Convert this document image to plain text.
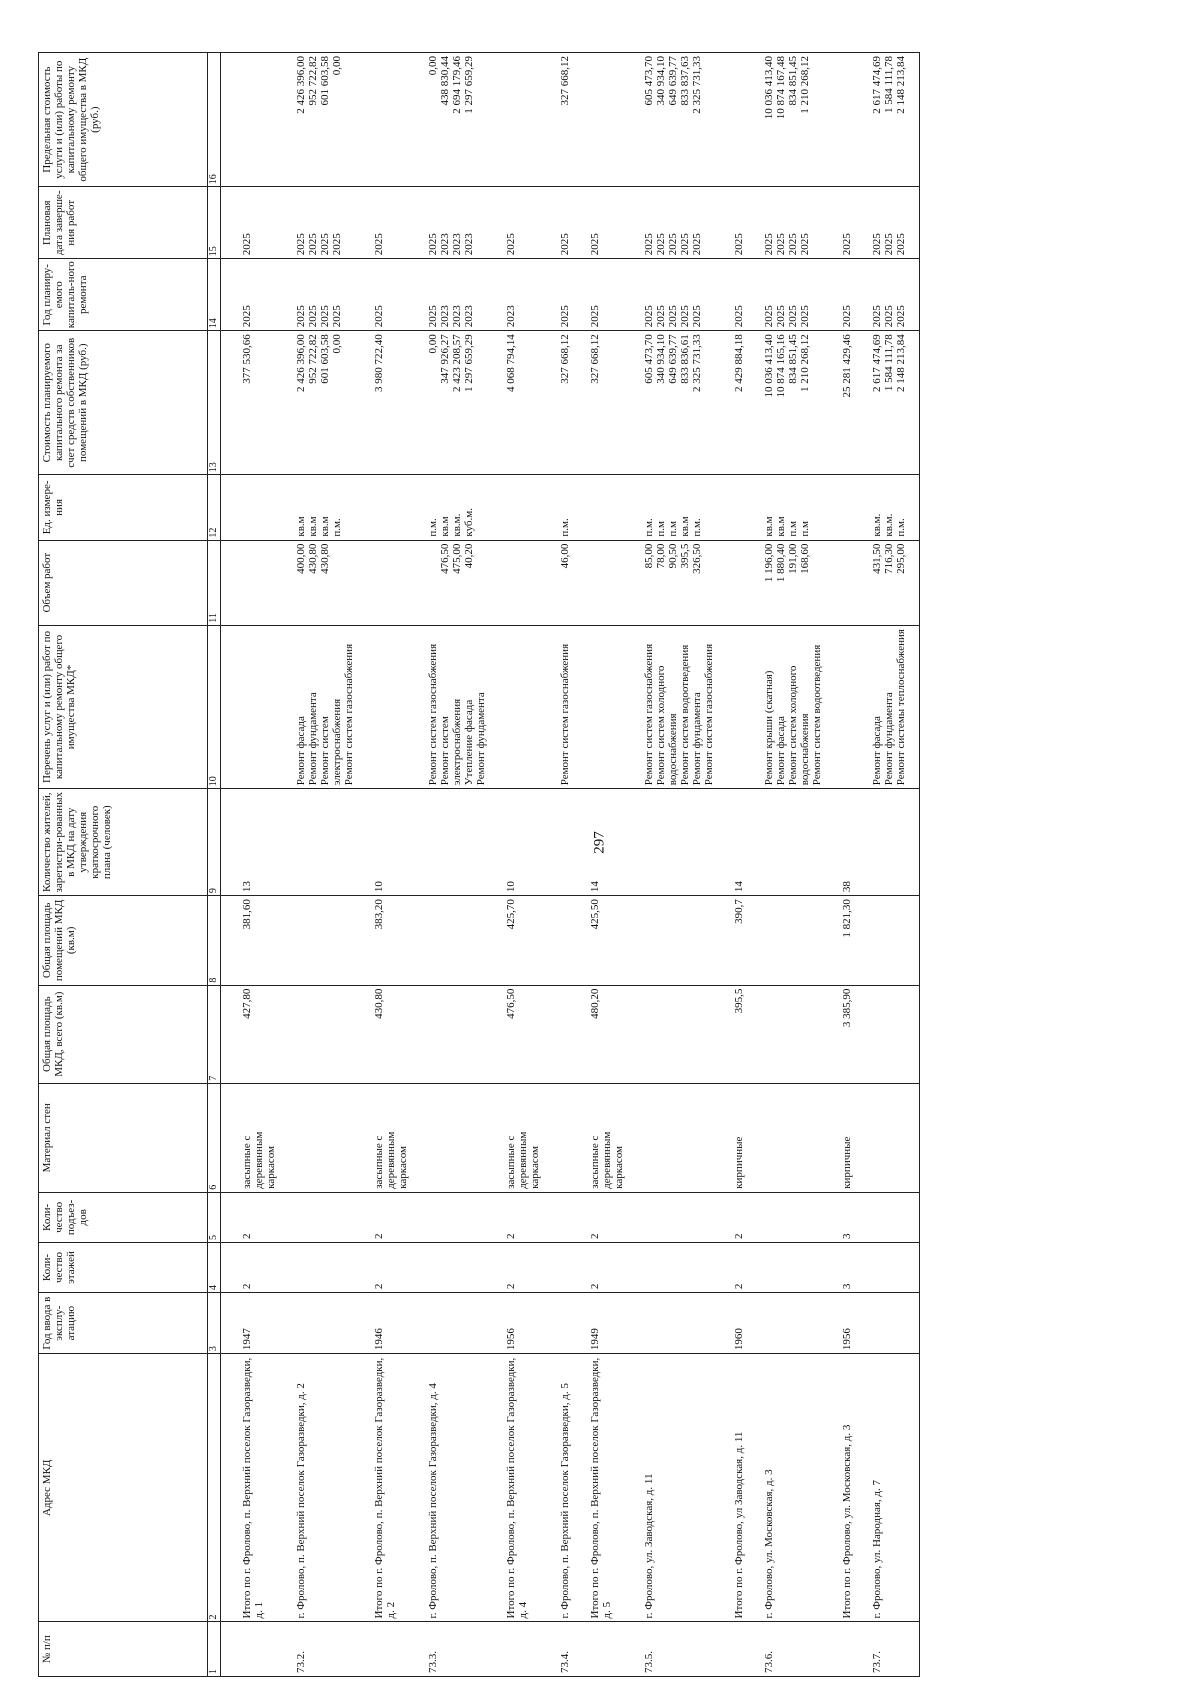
297
№ п/п	Адрес МКД	Год ввода в эксплу-атацию	Коли-чество этажей	Коли-чество подъез-дов	Материал стен	Общая площадь МКД, всего (кв.м)	Общая площадь помещений МКД (кв.м)	Количество жителей, зарегистри-рованных в МКД на дату утверждения краткосрочного плана (человек)	Перечень услуг и (или) работ по капитальному ремонту общего имущества МКД*	Объем работ	Ед. измере-ния	Стоимость планируемого капитального ремонта за счет средств собственников помещений в МКД (руб.)	Год планиру-емого капиталь-ного ремонта	Плановая дата заверше-ния работ	Предельная стоимость услуги и (или) работы по капитальному ремонту общего имущества в МКД (руб.)
1	2	3	4	5	6	7	8	9	10	11	12	13	14	15	16

	Итого по г. Фролово, п. Верхний поселок Газоразведки, д. 1	1947	2	2	засыпные с деревянным каркасом	427,80	381,60	13				377 530,66	2025	2025	

73.2.	г. Фролово, п. Верхний поселок Газоразведки, д. 2								Ремонт фасада Ремонт фундамента Ремонт систем электроснабжения Ремонт систем газоснабжения	400,00 430,80 430,80	кв.м кв.м кв.м п.м.	2 426 396,00 952 722,82 601 603,58 0,00	2025 2025 2025 2025	2025 2025 2025 2025	2 426 396,00 952 722,82 601 603,58 0,00

	Итого по г. Фролово, п. Верхний поселок Газоразведки, д. 2	1946	2	2	засыпные с деревянным каркасом	430,80	383,20	10				3 980 722,40	2025	2025	

73.3.	г. Фролово, п. Верхний поселок Газоразведки, д. 4								Ремонт систем газоснабжения Ремонт систем электроснабжения Утепление фасада Ремонт фундамента	476,50 475,00 40,20	п.м. кв.м кв.м. куб.м.	0,00 347 926,27 2 423 208,57 1 297 659,29	2025 2023 2023 2023	2025 2023 2023 2023	0,00 438 830,44 2 694 179,46 1 297 659,29

	Итого по г. Фролово, п. Верхний поселок Газоразведки, д. 4	1956	2	2	засыпные с деревянным каркасом	476,50	425,70	10				4 068 794,14	2023	2025	

73.4.	г. Фролово, п. Верхний поселок Газоразведки, д. 5								Ремонт систем газоснабжения	46,00	п.м.	327 668,12	2025	2025	327 668,12

	Итого по г. Фролово, п. Верхний поселок Газоразведки, д. 5	1949	2	2	засыпные с деревянным каркасом	480,20	425,50	14				327 668,12	2025	2025	

73.5.	г. Фролово, ул. Заводская, д. 11								Ремонт систем газоснабжения Ремонт систем холодного водоснабжения Ремонт систем водоотведения Ремонт фундамента Ремонт систем газоснабжения	85,00 78,00 90,50 395,5 326,50	п.м. п.м п.м кв.м п.м.	605 473,70 340 934,10 649 639,77 833 836,61 2 325 731,33	2025 2025 2025 2025 2025	2025 2025 2025 2025 2025	605 473,70 340 934,10 649 639,77 833 837,63 2 325 731,33

	Итого по г. Фролово, ул Заводская, д. 11	1960	2	2	кирпичные	395,5	390,7	14				2 429 884,18	2025	2025	

73.6.	г. Фролово, ул. Московская, д. 3								Ремонт крыши (скатная) Ремонт фасада Ремонт систем холодного водоснабжения Ремонт систем водоотведения	1 196,00 1 880,40 191,00 168,60	кв.м кв.м п.м п.м	10 036 413,40 10 874 165,16 834 851,45 1 210 268,12	2025 2025 2025 2025	2025 2025 2025 2025	10 036 413,40 10 874 167,48 834 851,45 1 210 268,12

	Итого по г. Фролово, ул. Московская, д. 3	1956	3	3	кирпичные	3 385,90	1 821,30	38				25 281 429,46	2025	2025	

73.7.	г. Фролово, ул. Народная, д. 7								Ремонт фасада Ремонт фундамента Ремонт системы теплоснабжения	431,50 716,30 295,00	кв.м. кв.м. п.м.	2 617 474,69 1 584 111,78 2 148 213,84	2025 2025 2025	2025 2025 2025	2 617 474,69 1 584 111,78 2 148 213,84
